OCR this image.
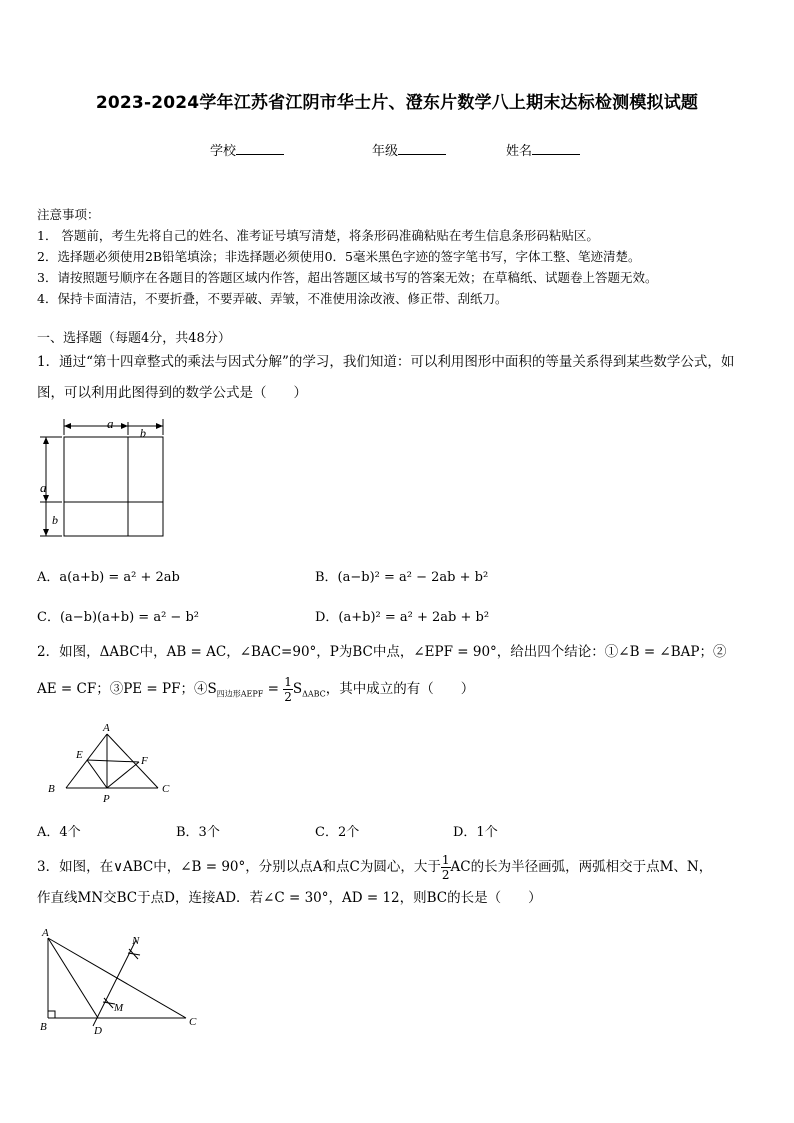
2023-2024学年江苏省江阴市华士片、澄东片数学八上期末达标检测模拟试题
学校	年级	姓名

注意事项：

1． 答题前，考生先将自己的姓名、准考证号填写清楚，将条形码准确粘贴在考生信息条形码粘贴区。

2．选择题必须使用2B铅笔填涂；非选择题必须使用0．5毫米黑色字迹的签字笔书写，字体工整、笔迹清楚。

3．请按照题号顺序在各题目的答题区域内作答，超出答题区域书写的答案无效；在草稿纸、试题卷上答题无效。

4．保持卡面清洁，不要折叠，不要弄破、弄皱，不准使用涂改液、修正带、刮纸刀。

一、选择题（每题4分，共48分）

1．通过“第十四章整式的乘法与因式分解”的学习，我们知道：可以利用图形中面积的等量关系得到某些数学公式，如

图，可以利用此图得到的数学公式是（　　）

a
b
a
b
A．a(a+b) = a² + 2ab	B．(a−b)² = a² − 2ab + b²
C．(a−b)(a+b) = a² − b²	D．(a+b)² = a² + 2ab + b²

2．如图，ΔABC中，AB = AC，∠BAC=90°，P为BC中点，∠EPF = 90°，给出四个结论：①∠B = ∠BAP；②

AE = CF；③PE = PF；$④S_{四边形AEPF} = \frac{1}{2} S_{\Delta ABC}$，其中成立的有（　　）

A
B	C
E	F
P
A．4个	B．3个	C．2个	D．1个

3．如图，在∨ABC中，∠B = 90°，分别以点A和点C为圆心，大于 $\frac{1}{2}$ AC的长为半径画弧，两弧相交于点M、N，

作直线MN交BC于点D，连接AD．若∠C = 30°，AD = 12，则BC的长是（　　）

A
B	C
D
M
N
